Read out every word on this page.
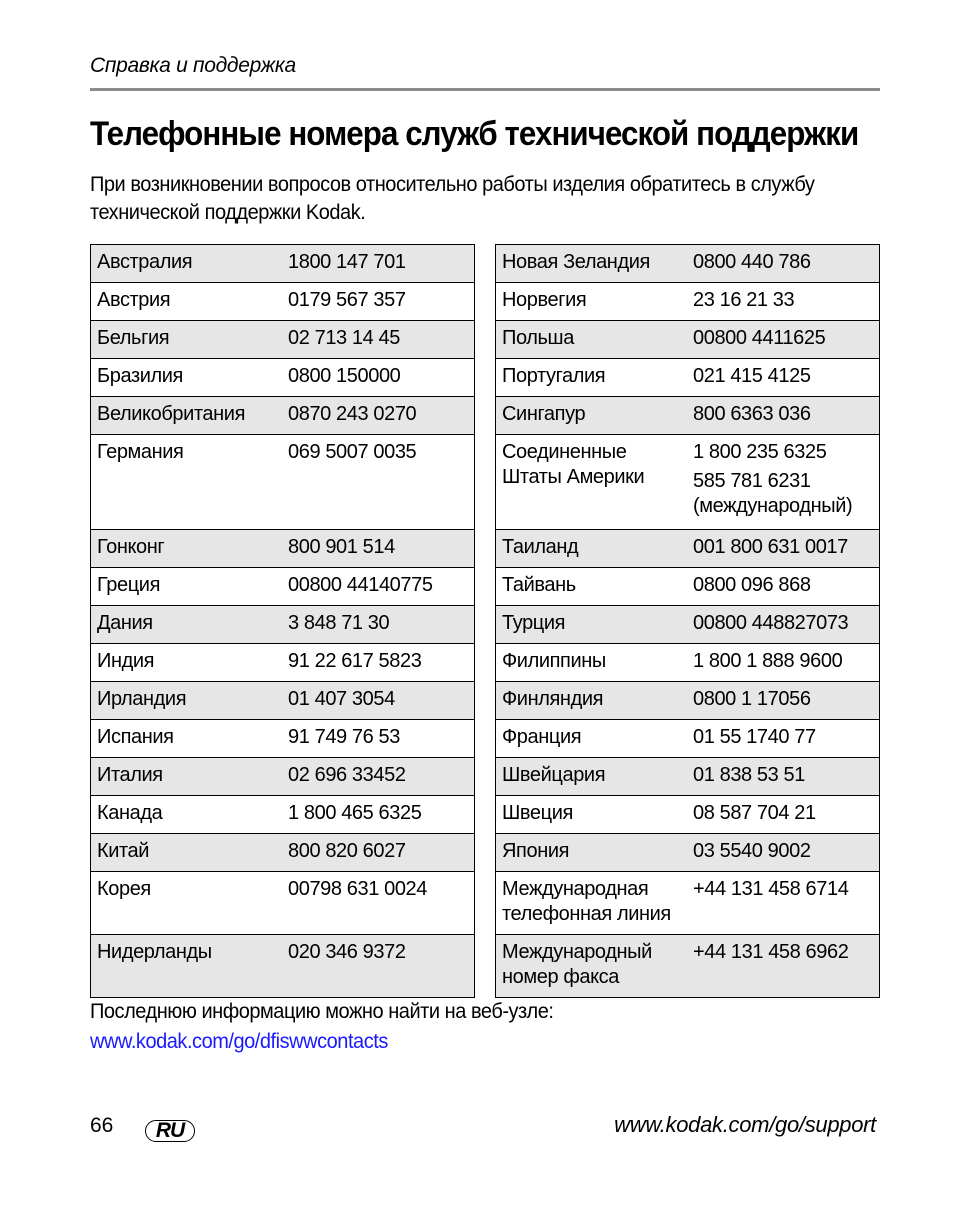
Справка и поддержка
Телефонные номера служб технической поддержки

При возникновении вопросов относительно работы изделия обратитесь в службу технической поддержки Kodak.

Австралия	1800 147 701

Австрия	0179 567 357

Бельгия	02 713 14 45

Бразилия	0800 150000

Великобритания	0870 243 0270

Германия	069 5007 0035

Гонконг	800 901 514

Греция	00800 44140775

Дания	3 848 71 30

Индия	91 22 617 5823

Ирландия	01 407 3054

Испания	91 749 76 53

Италия	02 696 33452

Канада	1 800 465 6325

Китай	800 820 6027

Корея	00798 631 0024

Нидерланды	020 346 9372
Новая Зеландия	0800 440 786

Норвегия	23 16 21 33

Польша	00800 4411625

Португалия	021 415 4125

Сингапур	800 6363 036

Соединенные Штаты Америки	1 800 235 6325
585 781 6231 (международный)

Таиланд	001 800 631 0017

Тайвань	0800 096 868

Турция	00800 448827073

Филиппины	1 800 1 888 9600

Финляндия	0800 1 17056

Франция	01 55 1740 77

Швейцария	01 838 53 51

Швеция	08 587 704 21

Япония	03 5540 9002

Международная телефонная линия	+44 131 458 6714

Международный номер факса	+44 131 458 6962
Последнюю информацию можно найти на веб-узле:
www.kodak.com/go/dfiswwcontacts
66	RU	www.kodak.com/go/support
